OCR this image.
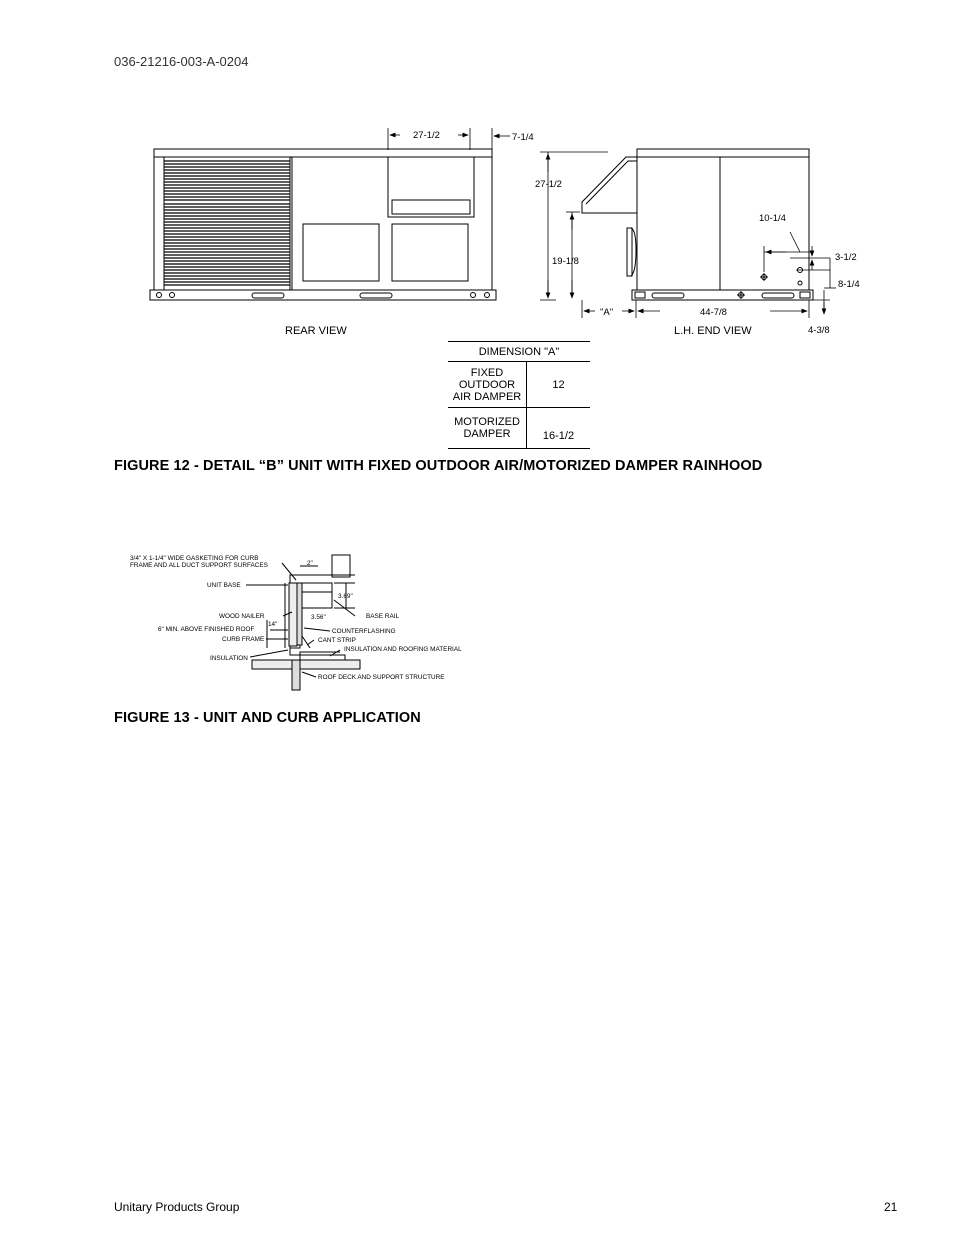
036-21216-003-A-0204
27-1/2	7-1/4
27-1/2
19-1/8
"A"	44-7/8
10-1/4
3-1/2
8-1/4
4-3/8
REAR VIEW	L.H. END VIEW
DIMENSION "A"	

FIXED
OUTDOOR
AIR DAMPER	12

MOTORIZED
DAMPER	16-1/2
FIGURE 12 - DETAIL “B” UNIT WITH FIXED OUTDOOR AIR/MOTORIZED DAMPER RAINHOOD
3/4" X 1-1/4" WIDE GASKETING FOR CURB
FRAME AND ALL DUCT SUPPORT SURFACES
UNIT BASE
WOOD NAILER
6" MIN. ABOVE FINISHED ROOF
CURB FRAME
INSULATION
BASE RAIL
COUNTERFLASHING
CANT STRIP
INSULATION AND ROOFING MATERIAL
ROOF DECK AND SUPPORT STRUCTURE
2"
3.69"
3.56"
14"
FIGURE 13 - UNIT AND CURB APPLICATION
Unitary Products Group	21
